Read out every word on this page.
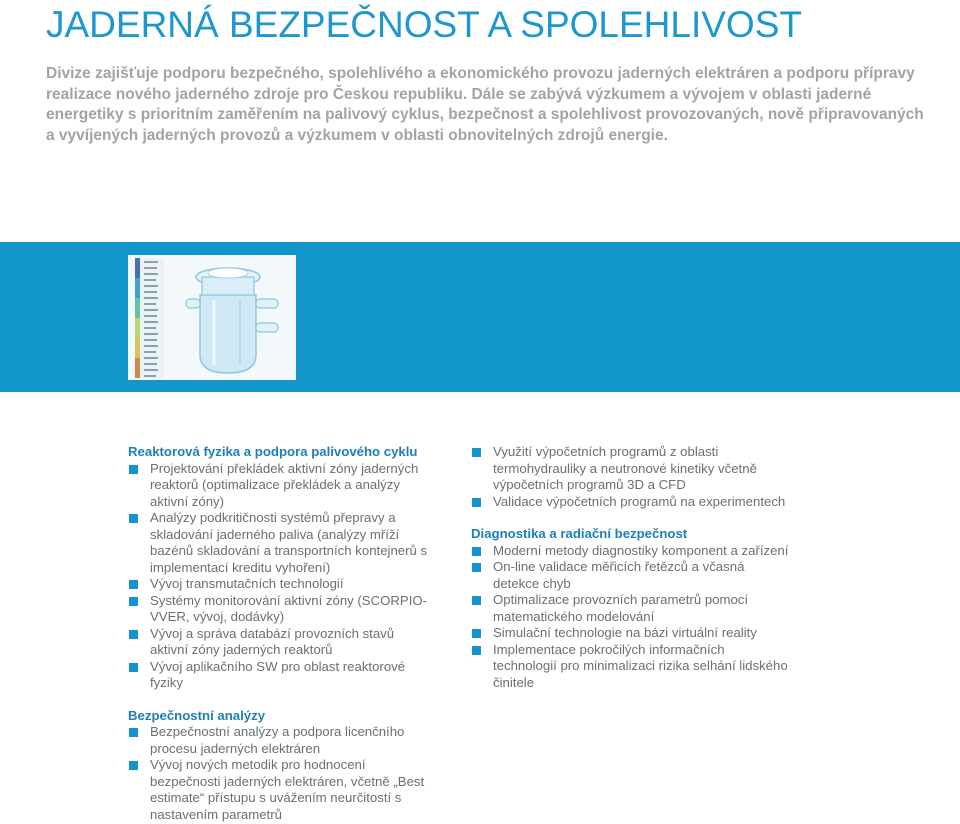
JADERNÁ BEZPEČNOST A SPOLEHLIVOST
Divize zajišťuje podporu bezpečného, spolehlivého a ekonomického provozu jaderných elektráren a podporu přípravy realizace nového jaderného zdroje pro Českou republiku. Dále se zabývá výzkumem a vývojem v oblasti jaderné energetiky s prioritním zaměřením na palivový cyklus, bezpečnost a spolehlivost provozovaných, nově připravovaných a vyvíjených jaderných provozů a výzkumem v oblasti obnovitelných zdrojů energie.

Reaktorová fyzika a podpora palivového cyklu

Projektování překládek aktivní zóny jaderných reaktorů (optimalizace překládek a analýzy aktivní zóny)
Analýzy podkritičnosti systémů přepravy a skladování jaderného paliva (analýzy mříží bazénů skladování a transportních kontejnerů s implementací kreditu vyhoření)
Vývoj transmutačních technologií
Systémy monitorování aktivní zóny (SCORPIO-VVER, vývoj, dodávky)
Vývoj a správa databází provozních stavů aktivní zóny jaderných reaktorů
Vývoj aplikačního SW pro oblast reaktorové fyziky

Bezpečnostní analýzy

Bezpečnostní analýzy a podpora licenčního procesu jaderných elektráren
Vývoj nových metodik pro hodnocení bezpečnosti jaderných elektráren, včetně „Best estimate“ přístupu s uvážením neurčitostí s nastavením parametrů
Využití výpočetních programů z oblasti termohydrauliky a neutronové kinetiky včetně výpočetních programů 3D a CFD
Validace výpočetních programů na experimentech

Diagnostika a radiační bezpečnost

Moderní metody diagnostiky komponent a zařízení
On-line validace měřicích řetězců a včasná detekce chyb
Optimalizace provozních parametrů pomocí matematického modelování
Simulační technologie na bázi virtuální reality
Implementace pokročilých informačních technologií pro minimalizaci rizika selhání lidského činitele
